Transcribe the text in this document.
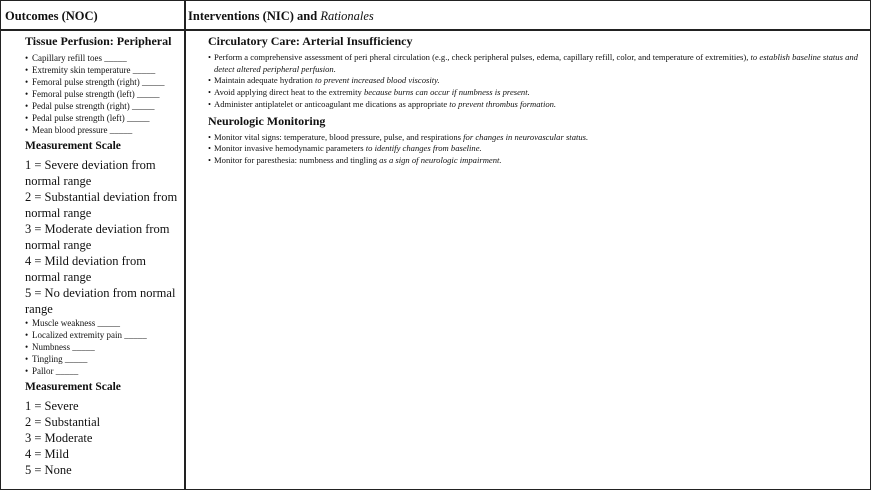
Outcomes (NOC)	Interventions (NIC) and Rationales
Tissue Perfusion: Peripheral
• Capillary refill toes _____
• Extremity skin temperature _____
• Femoral pulse strength (right) _____
• Femoral pulse strength (left) _____
• Pedal pulse strength (right) _____
• Pedal pulse strength (left) _____
• Mean blood pressure _____
Measurement Scale
1 = Severe deviation from normal range
2 = Substantial deviation from normal range
3 = Moderate deviation from normal range
4 = Mild deviation from normal range
5 = No deviation from normal range
• Muscle weakness _____
• Localized extremity pain _____
• Numbness _____
• Tingling _____
• Pallor _____
Measurement Scale
1 = Severe
2 = Substantial
3 = Moderate
4 = Mild
5 = None
Circulatory Care: Arterial Insufficiency
• Perform a comprehensive assessment of peri pheral circulation (e.g., check peripheral pulses, edema, capillary refill, color, and temperature of extremities), to establish baseline status and detect altered peripheral perfusion.
• Maintain adequate hydration to prevent increased blood viscosity.
• Avoid applying direct heat to the extremity because burns can occur if numbness is present.
• Administer antiplatelet or anticoagulant me dications as appropriate to prevent thrombus formation.
Neurologic Monitoring
• Monitor vital signs: temperature, blood pressure, pulse, and respirations for changes in neurovascular status.
• Monitor invasive hemodynamic parameters to identify changes from baseline.
• Monitor for paresthesia: numbness and tingling as a sign of neurologic impairment.
